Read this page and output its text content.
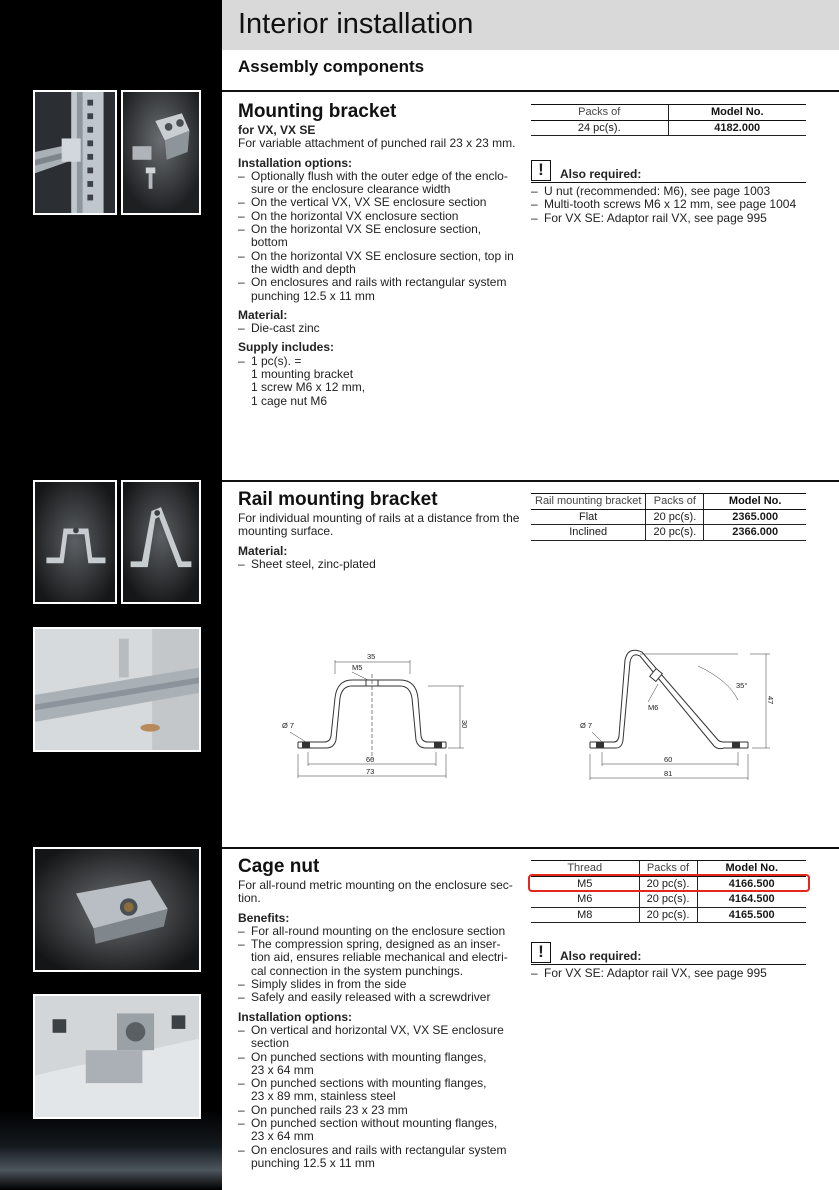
Interior installation
Assembly components
Mounting bracket
for VX, VX SE
For variable attachment of punched rail 23 x 23 mm.
Installation options:
– Optionally flush with the outer edge of the enclo-
sure or the enclosure clearance width
– On the vertical VX, VX SE enclosure section
– On the horizontal VX enclosure section
– On the horizontal VX SE enclosure section,
bottom
– On the horizontal VX SE enclosure section, top in
the width and depth
– On enclosures and rails with rectangular system
punching 12.5 x 11 mm
Material:
– Die-cast zinc
Supply includes:
– 1 pc(s). =
1 mounting bracket
1 screw M6 x 12 mm,
1 cage nut M6
Packs of	Model No.
24 pc(s).	4182.000
!	Also required:
– U nut (recommended: M6), see page 1003
– Multi-tooth screws M6 x 12 mm, see page 1004
– For VX SE: Adaptor rail VX, see page 995
Rail mounting bracket
For individual mounting of rails at a distance from the mounting surface.
Material:
– Sheet steel, zinc-plated
Rail mounting bracket	Packs of	Model No.
Flat	20 pc(s).	2365.000
Inclined	20 pc(s).	2366.000
35
M5
30
Ø 7
60
73
M6
35°
47
Ø 7
60
81
Cage nut
For all-round metric mounting on the enclosure sec-
tion.
Benefits:
– For all-round mounting on the enclosure section
– The compression spring, designed as an inser-
tion aid, ensures reliable mechanical and electri-
cal connection in the system punchings.
– Simply slides in from the side
– Safely and easily released with a screwdriver
Installation options:
– On vertical and horizontal VX, VX SE enclosure
section
– On punched sections with mounting flanges,
23 x 64 mm
– On punched sections with mounting flanges,
23 x 89 mm, stainless steel
– On punched rails 23 x 23 mm
– On punched section without mounting flanges,
23 x 64 mm
– On enclosures and rails with rectangular system
punching 12.5 x 11 mm
Thread	Packs of	Model No.
M5	20 pc(s).	4166.500
M6	20 pc(s).	4164.500
M8	20 pc(s).	4165.500
!	Also required:
– For VX SE: Adaptor rail VX, see page 995
